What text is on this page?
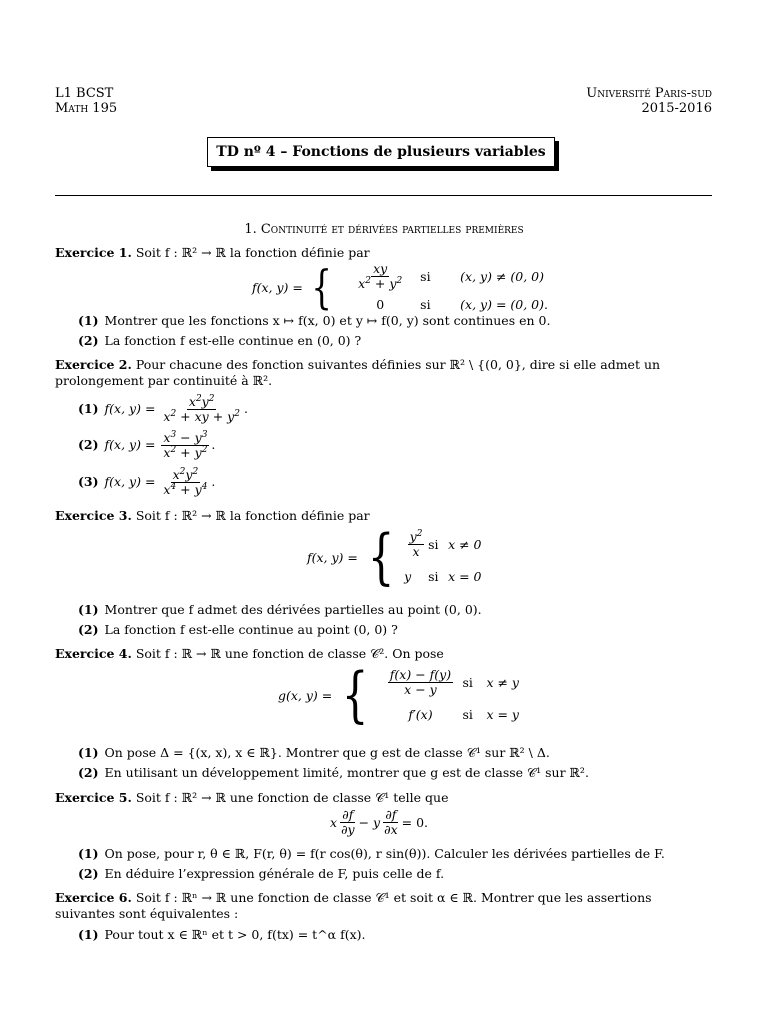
L1 BCST
Math 195
Université Paris-sud
2015-2016
TD nº 4 – Fonctions de plusieurs variables
1. Continuité et dérivées partielles premières
Exercice 1. Soit f : ℝ² → ℝ la fonction définie par
f(x, y) = { $\frac{xy}{x^2 + y^2}$ si	(x, y) ≠ (0, 0)
0	si	(x, y) = (0, 0).
(1) Montrer que les fonctions x ↦ f(x, 0) et y ↦ f(0, y) sont continues en 0.
(2) La fonction f est-elle continue en (0, 0) ?
Exercice 2. Pour chacune des fonction suivantes définies sur ℝ² \ {(0, 0}, dire si elle admet un prolongement par continuité à ℝ².
(1) f(x, $y) = \frac{x^2y^2}{x^2 + xy + y^2}$ .
(2) f(x, $y) = \frac{x^3 - y^3}{x^2 + y^2}$ .
(3) f(x, $y) = \frac{x^2y^2}{x^4 + y^4}$ .
Exercice 3. Soit f : ℝ² → ℝ la fonction définie par
f(x, y) = { $\frac{y^2}{x}$ si x ≠ 0
y	si x = 0
(1) Montrer que f admet des dérivées partielles au point (0, 0).
(2) La fonction f est-elle continue au point (0, 0) ?
Exercice 4. Soit f : ℝ → ℝ une fonction de classe 𝒞². On pose
g(x, y) = { $\frac{f(x) - f(y)}{x - y}$ si	x ≠ y
f′(x)	si	x = y
(1) On pose Δ = {(x, x), x ∈ ℝ}. Montrer que g est de classe 𝒞¹ sur ℝ² \ Δ.
(2) En utilisant un développement limité, montrer que g est de classe 𝒞¹ sur ℝ².
Exercice 5. Soit f : ℝ² → ℝ une fonction de classe 𝒞¹ telle que
x $\frac{\partial f}{\partial y} - y \frac{\partial f}{\partial x} = 0$.
(1) On pose, pour r, θ ∈ ℝ, F(r, θ) = f(r cos(θ), r sin(θ)). Calculer les dérivées partielles de F.
(2) En déduire l’expression générale de F, puis celle de f.
Exercice 6. Soit f : ℝⁿ → ℝ une fonction de classe 𝒞¹ et soit α ∈ ℝ. Montrer que les assertions suivantes sont équivalentes :
(1) Pour tout x ∈ ℝⁿ et t > 0, f(tx) = t^α f(x).
